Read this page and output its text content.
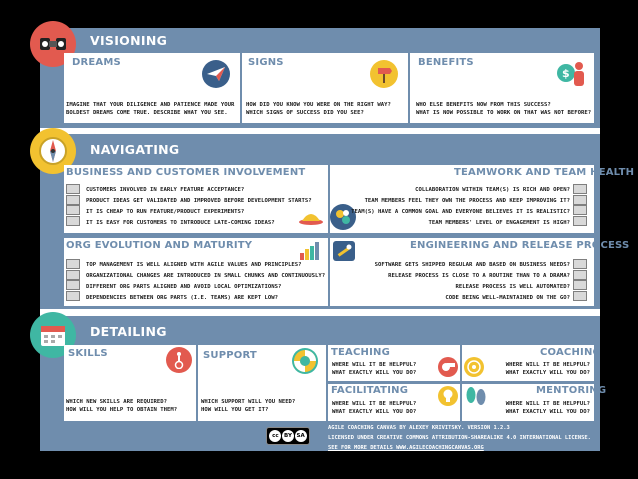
VISIONING
DREAMS
IMAGINE THAT YOUR DILIGENCE AND PATIENCE MADE YOUR
BOLDEST DREAMS COME TRUE. DESCRIBE WHAT YOU SEE.
SIGNS
HOW DID YOU KNOW YOU WERE ON THE RIGHT WAY?
WHICH SIGNS OF SUCCESS DID YOU SEE?
BENEFITS
$
WHO ELSE BENEFITS NOW FROM THIS SUCCESS?
WHAT IS NOW POSSIBLE TO WORK ON THAT WAS NOT BEFORE?
NAVIGATING
BUSINESS AND CUSTOMER INVOLVEMENT
CUSTOMERS INVOLVED IN EARLY FEATURE ACCEPTANCE?
PRODUCT IDEAS GET VALIDATED AND IMPROVED BEFORE DEVELOPMENT STARTS?
IT IS CHEAP TO RUN FEATURE/PRODUCT EXPERIMENTS?
IT IS EASY FOR CUSTOMERS TO INTRODUCE LATE-COMING IDEAS?
TEAMWORK AND TEAM HEALTH
COLLABORATION WITHIN TEAM(S) IS RICH AND OPEN?
TEAM MEMBERS FEEL THEY OWN THE PROCESS AND KEEP IMPROVING IT?
TEAM(S) HAVE A COMMON GOAL AND EVERYONE BELIEVES IT IS REALISTIC?
TEAM MEMBERS' LEVEL OF ENGAGEMENT IS HIGH?
ORG EVOLUTION AND MATURITY
TOP MANAGEMENT IS WELL ALIGNED WITH AGILE VALUES AND PRINCIPLES?
ORGANIZATIONAL CHANGES ARE INTRODUCED IN SMALL CHUNKS AND CONTINUOUSLY?
DIFFERENT ORG PARTS ALIGNED AND AVOID LOCAL OPTIMIZATIONS?
DEPENDENCIES BETWEEN ORG PARTS (I.E. TEAMS) ARE KEPT LOW?
ENGINEERING AND RELEASE PROCESS
SOFTWARE GETS SHIPPED REGULAR AND BASED ON BUSINESS NEEDS?
RELEASE PROCESS IS CLOSE TO A ROUTINE THAN TO A DRAMA?
RELEASE PROCESS IS WELL AUTOMATED?
CODE BEING WELL-MAINTAINED ON THE GO?
DETAILING
SKILLS
WHICH NEW SKILLS ARE REQUIRED?
HOW WILL YOU HELP TO OBTAIN THEM?
SUPPORT
WHICH SUPPORT WILL YOU NEED?
HOW WILL YOU GET IT?
TEACHING
WHERE WILL IT BE HELPFUL?
WHAT EXACTLY WILL YOU DO?
COACHING
WHERE WILL IT BE HELPFUL?
WHAT EXACTLY WILL YOU DO?
FACILITATING
WHERE WILL IT BE HELPFUL?
WHAT EXACTLY WILL YOU DO?
MENTORING
WHERE WILL IT BE HELPFUL?
WHAT EXACTLY WILL YOU DO?
cc BY SA
AGILE COACHING CANVAS BY ALEXEY KRIVITSKY. VERSION 1.2.3
LICENSED UNDER CREATIVE COMMONS ATTRIBUTION-SHAREALIKE 4.0 INTERNATIONAL LICENSE.
SEE FOR MORE DETAILS WWW.AGILECOACHINGCANVAS.ORG
